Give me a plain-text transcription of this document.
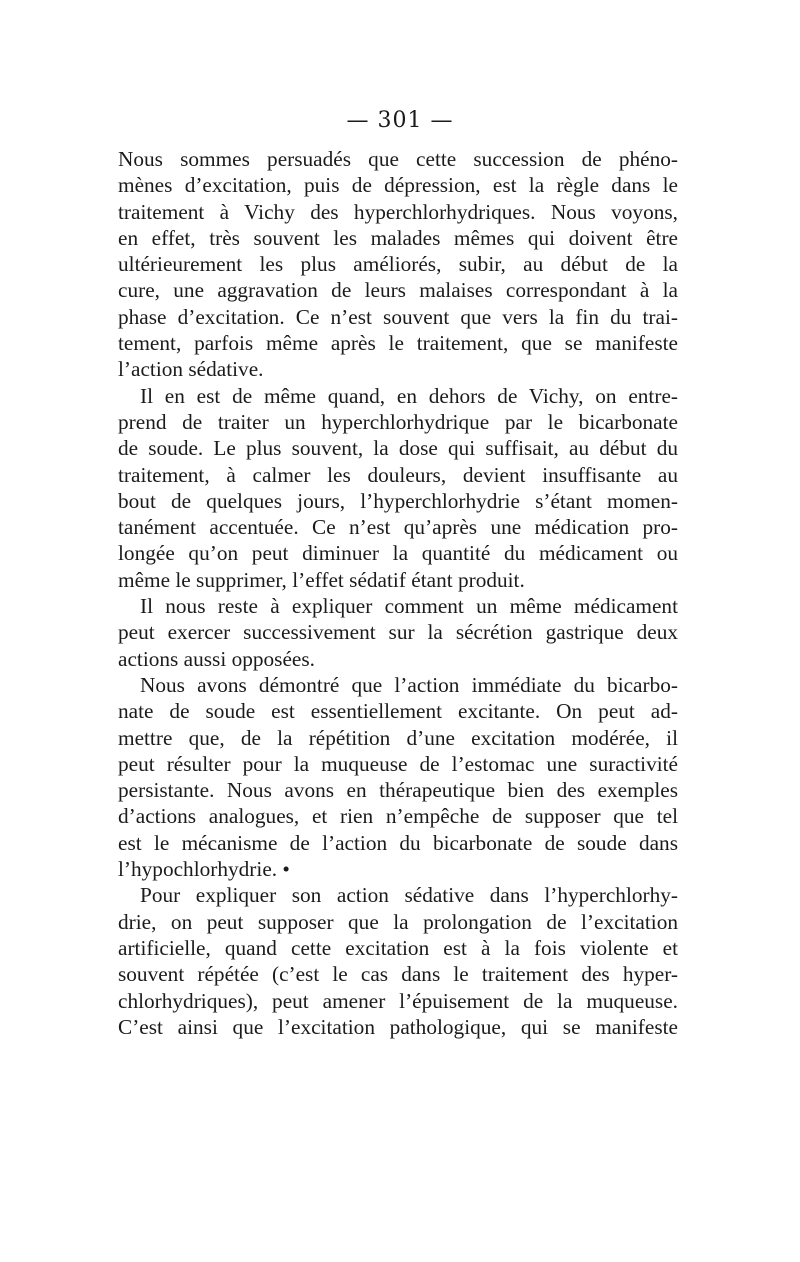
— 301 —
Nous sommes persuadés que cette succession de phéno-
mènes d’excitation, puis de dépression, est la règle dans le
traitement à Vichy des hyperchlorhydriques. Nous voyons,
en effet, très souvent les malades mêmes qui doivent être
ultérieurement les plus améliorés, subir, au début de la
cure, une aggravation de leurs malaises correspondant à la
phase d’excitation. Ce n’est souvent que vers la fin du trai-
tement, parfois même après le traitement, que se manifeste
l’action sédative.
Il en est de même quand, en dehors de Vichy, on entre-
prend de traiter un hyperchlorhydrique par le bicarbonate
de soude. Le plus souvent, la dose qui suffisait, au début du
traitement, à calmer les douleurs, devient insuffisante au
bout de quelques jours, l’hyperchlorhydrie s’étant momen-
tanément accentuée. Ce n’est qu’après une médication pro-
longée qu’on peut diminuer la quantité du médicament ou
même le supprimer, l’effet sédatif étant produit.
Il nous reste à expliquer comment un même médicament
peut exercer successivement sur la sécrétion gastrique deux
actions aussi opposées.
Nous avons démontré que l’action immédiate du bicarbo-
nate de soude est essentiellement excitante. On peut ad-
mettre que, de la répétition d’une excitation modérée, il
peut résulter pour la muqueuse de l’estomac une suractivité
persistante. Nous avons en thérapeutique bien des exemples
d’actions analogues, et rien n’empêche de supposer que tel
est le mécanisme de l’action du bicarbonate de soude dans
l’hypochlorhydrie. •
Pour expliquer son action sédative dans l’hyperchlorhy-
drie, on peut supposer que la prolongation de l’excitation
artificielle, quand cette excitation est à la fois violente et
souvent répétée (c’est le cas dans le traitement des hyper-
chlorhydriques), peut amener l’épuisement de la muqueuse.
C’est ainsi que l’excitation pathologique, qui se manifeste
